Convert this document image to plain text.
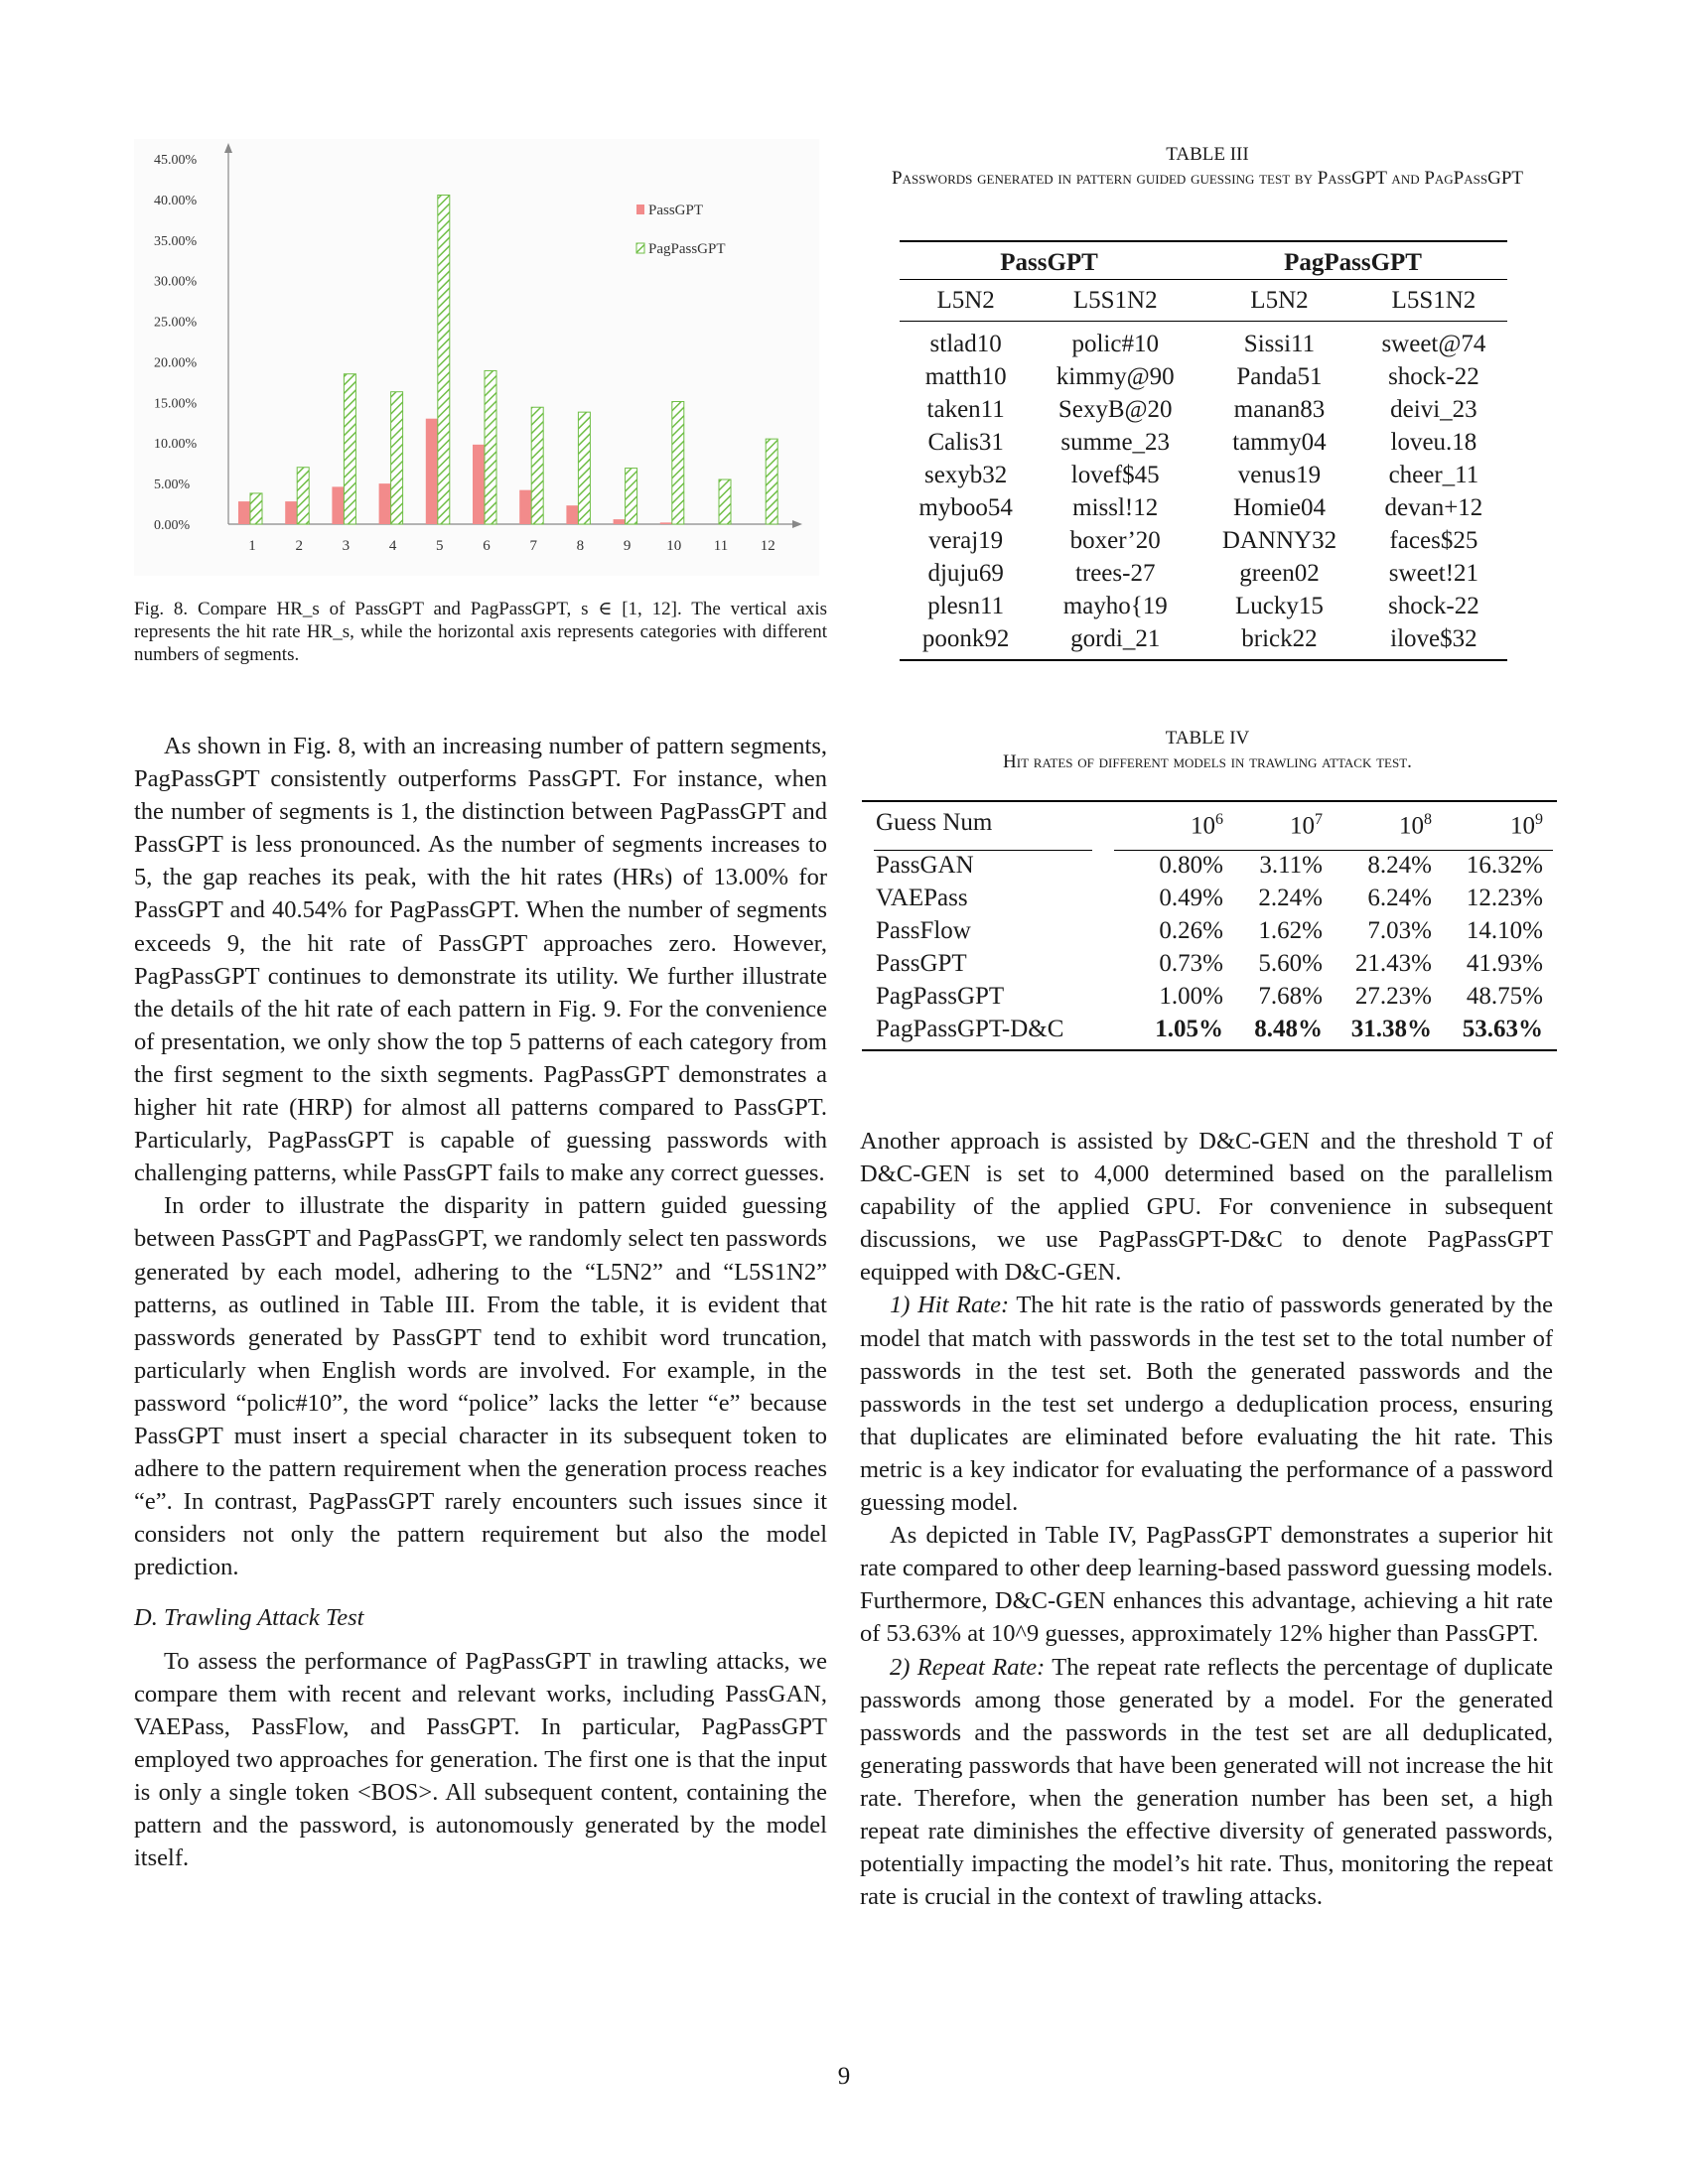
0.00%
5.00%
10.00%
15.00%
20.00%
25.00%
30.00%
35.00%
40.00%
45.00%
1	2	3	4	5	6	7	8	9 10 11 12
PassGPT
PagPassGPT
Fig. 8. Compare HR_s of PassGPT and PagPassGPT, s ∈ [1, 12]. The vertical axis represents the hit rate HR_s, while the horizontal axis represents categories with different numbers of segments.

As shown in Fig. 8, with an increasing number of pattern segments, PagPassGPT consistently outperforms PassGPT. For instance, when the number of segments is 1, the distinction between PagPassGPT and PassGPT is less pronounced. As the number of segments increases to 5, the gap reaches its peak, with the hit rates (HRs) of 13.00% for PassGPT and 40.54% for PagPassGPT. When the number of segments exceeds 9, the hit rate of PassGPT approaches zero. However, PagPassGPT continues to demonstrate its utility. We further illustrate the details of the hit rate of each pattern in Fig. 9. For the convenience of presentation, we only show the top 5 patterns of each category from the first segment to the sixth segments. PagPassGPT demonstrates a higher hit rate (HRP) for almost all patterns compared to PassGPT. Particularly, PagPassGPT is capable of guessing passwords with challenging patterns, while PassGPT fails to make any correct guesses.

In order to illustrate the disparity in pattern guided guessing between PassGPT and PagPassGPT, we randomly select ten passwords generated by each model, adhering to the “L5N2” and “L5S1N2” patterns, as outlined in Table III. From the table, it is evident that passwords generated by PassGPT tend to exhibit word truncation, particularly when English words are involved. For example, in the password “polic#10”, the word “police” lacks the letter “e” because PassGPT must insert a special character in its subsequent token to adhere to the pattern requirement when the generation process reaches “e”. In contrast, PagPassGPT rarely encounters such issues since it considers not only the pattern requirement but also the model prediction.

D. Trawling Attack Test

To assess the performance of PagPassGPT in trawling attacks, we compare them with recent and relevant works, including PassGAN, VAEPass, PassFlow, and PassGPT. In particular, PagPassGPT employed two approaches for generation. The first one is that the input is only a single token <BOS>. All subsequent content, containing the pattern and the password, is autonomously generated by the model itself.

TABLE III
Passwords generated in pattern guided guessing test by PassGPT and PagPassGPT
PassGPT		PagPassGPT	
L5N2	L5S1N2	L5N2	L5S1N2
stlad10	polic#10	Sissi11	sweet@74
matth10	kimmy@90	Panda51	shock-22
taken11	SexyB@20	manan83	deivi_23
Calis31	summe_23	tammy04	loveu.18
sexyb32	lovef$45	venus19	cheer_11
myboo54	missl!12	Homie04	devan+12
veraj19	boxer’20	DANNY32	faces$25
djuju69	trees-27	green02	sweet!21
plesn11	mayho{19	Lucky15	shock-22
poonk92	gordi_21	brick22	ilove$32
TABLE IV
Hit rates of different models in trawling attack test.
Guess Num	$10^6$	$10^7$	$10^8$	$10^9$
PassGAN	0.80%	3.11%	8.24%	16.32%
VAEPass	0.49%	2.24%	6.24%	12.23%
PassFlow	0.26%	1.62%	7.03%	14.10%
PassGPT	0.73%	5.60%	21.43%	41.93%
PagPassGPT	1.00%	7.68%	27.23%	48.75%
PagPassGPT-D&C	1.05%	8.48%	31.38%	53.63%

Another approach is assisted by D&C-GEN and the threshold T of D&C-GEN is set to 4,000 determined based on the parallelism capability of the applied GPU. For convenience in subsequent discussions, we use PagPassGPT-D&C to denote PagPassGPT equipped with D&C-GEN.

1) Hit Rate: The hit rate is the ratio of passwords generated by the model that match with passwords in the test set to the total number of passwords in the test set. Both the generated passwords and the passwords in the test set undergo a deduplication process, ensuring that duplicates are eliminated before evaluating the hit rate. This metric is a key indicator for evaluating the performance of a password guessing model.

As depicted in Table IV, PagPassGPT demonstrates a superior hit rate compared to other deep learning-based password guessing models. Furthermore, D&C-GEN enhances this advantage, achieving a hit rate of 53.63% at 10^9 guesses, approximately 12% higher than PassGPT.

2) Repeat Rate: The repeat rate reflects the percentage of duplicate passwords among those generated by a model. For the generated passwords and the passwords in the test set are all deduplicated, generating passwords that have been generated will not increase the hit rate. Therefore, when the generation number has been set, a high repeat rate diminishes the effective diversity of generated passwords, potentially impacting the model’s hit rate. Thus, monitoring the repeat rate is crucial in the context of trawling attacks.

9
